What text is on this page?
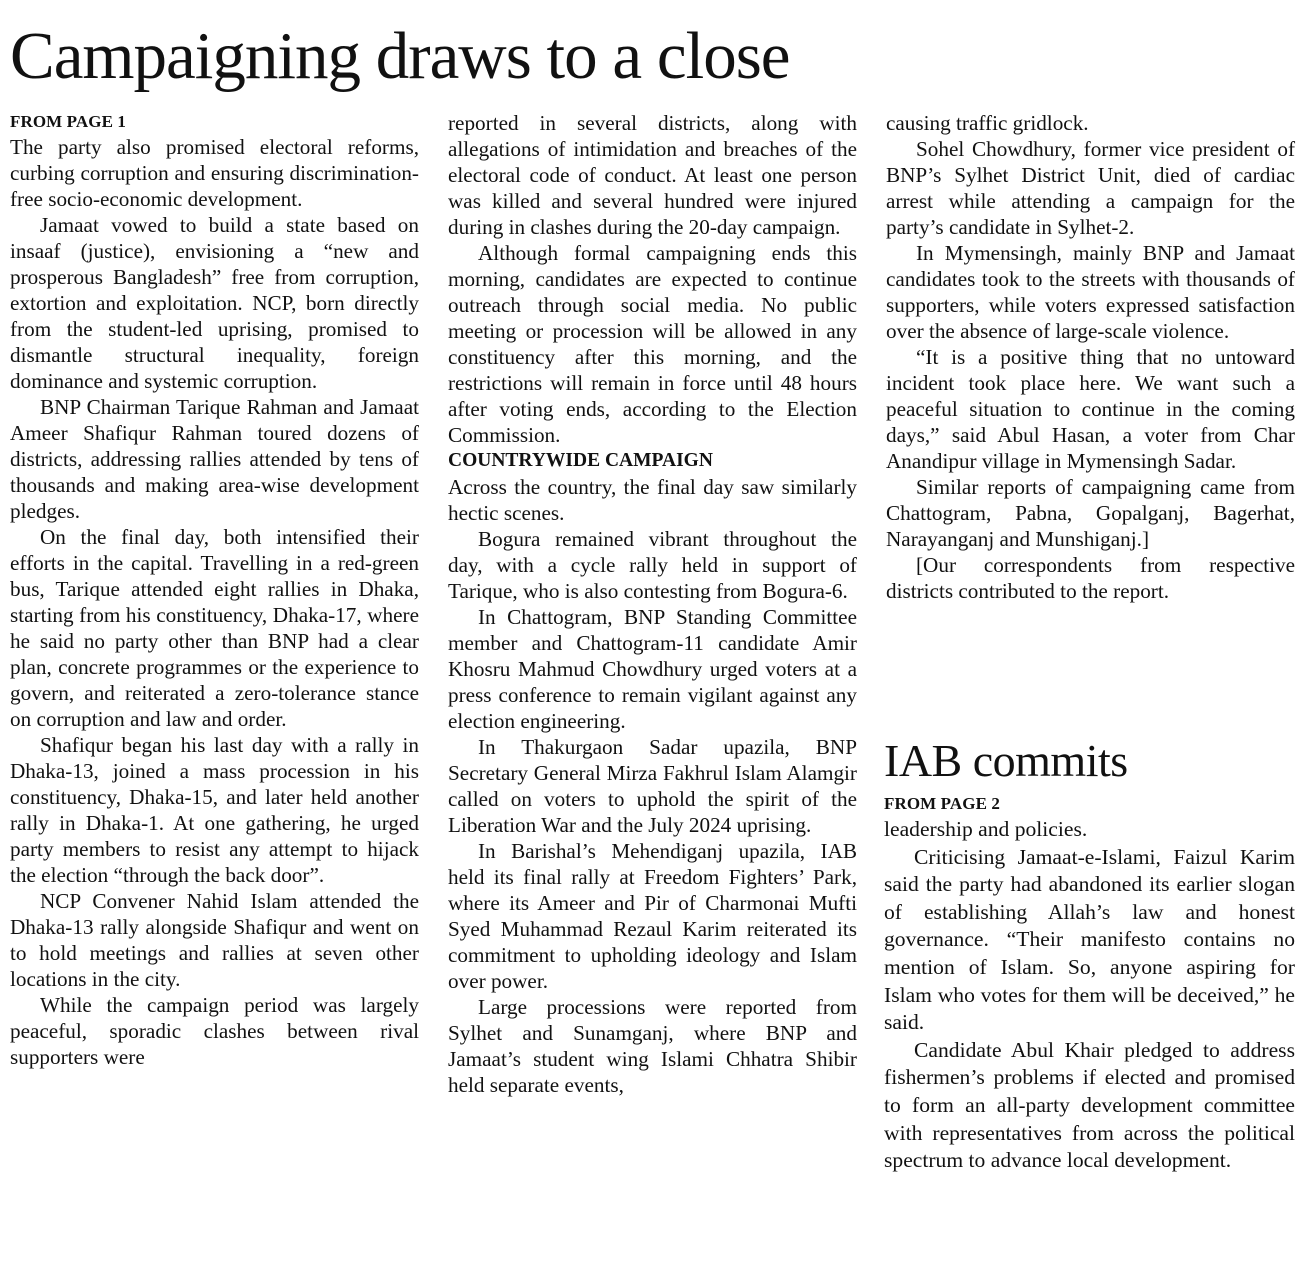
Campaigning draws to a close

FROM PAGE 1

The party also promised electoral reforms, curbing corruption and ensuring discrimination-free socio-economic development.

Jamaat vowed to build a state based on insaaf (justice), envisioning a “new and prosperous Bangladesh” free from corruption, extortion and exploitation. NCP, born directly from the student-led uprising, promised to dismantle structural inequality, foreign dominance and systemic corruption.

BNP Chairman Tarique Rahman and Jamaat Ameer Shafiqur Rahman toured dozens of districts, addressing rallies attended by tens of thousands and making area-wise development pledges.

On the final day, both intensified their efforts in the capital. Travelling in a red-green bus, Tarique attended eight rallies in Dhaka, starting from his constituency, Dhaka-17, where he said no party other than BNP had a clear plan, concrete programmes or the experience to govern, and reiterated a zero-tolerance stance on corruption and law and order.

Shafiqur began his last day with a rally in Dhaka-13, joined a mass procession in his constituency, Dhaka-15, and later held another rally in Dhaka-1. At one gathering, he urged party members to resist any attempt to hijack the election “through the back door”.

NCP Convener Nahid Islam attended the Dhaka-13 rally alongside Shafiqur and went on to hold meetings and rallies at seven other locations in the city.

While the campaign period was largely peaceful, sporadic clashes between rival supporters were

reported in several districts, along with allegations of intimidation and breaches of the electoral code of conduct. At least one person was killed and several hundred were injured during in clashes during the 20-day campaign.

Although formal campaigning ends this morning, candidates are expected to continue outreach through social media. No public meeting or procession will be allowed in any constituency after this morning, and the restrictions will remain in force until 48 hours after voting ends, according to the Election Commission.

COUNTRYWIDE CAMPAIGN

Across the country, the final day saw similarly hectic scenes.

Bogura remained vibrant throughout the day, with a cycle rally held in support of Tarique, who is also contesting from Bogura-6.

In Chattogram, BNP Standing Committee member and Chattogram-11 candidate Amir Khosru Mahmud Chowdhury urged voters at a press conference to remain vigilant against any election engineering.

In Thakurgaon Sadar upazila, BNP Secretary General Mirza Fakhrul Islam Alamgir called on voters to uphold the spirit of the Liberation War and the July 2024 uprising.

In Barishal’s Mehendiganj upazila, IAB held its final rally at Freedom Fighters’ Park, where its Ameer and Pir of Charmonai Mufti Syed Muhammad Rezaul Karim reiterated its commitment to upholding ideology and Islam over power.

Large processions were reported from Sylhet and Sunamganj, where BNP and Jamaat’s student wing Islami Chhatra Shibir held separate events,

causing traffic gridlock.

Sohel Chowdhury, former vice president of BNP’s Sylhet District Unit, died of cardiac arrest while attending a campaign for the party’s candidate in Sylhet-2.

In Mymensingh, mainly BNP and Jamaat candidates took to the streets with thousands of supporters, while voters expressed satisfaction over the absence of large-scale violence.

“It is a positive thing that no untoward incident took place here. We want such a peaceful situation to continue in the coming days,” said Abul Hasan, a voter from Char Anandipur village in Mymensingh Sadar.

Similar reports of campaigning came from Chattogram, Pabna, Gopalganj, Bagerhat, Narayanganj and Munshiganj.]

[Our correspondents from respective districts contributed to the report.

IAB commits

FROM PAGE 2

leadership and policies.

Criticising Jamaat-e-Islami, Faizul Karim said the party had abandoned its earlier slogan of establishing Allah’s law and honest governance. “Their manifesto contains no mention of Islam. So, anyone aspiring for Islam who votes for them will be deceived,” he said.

Candidate Abul Khair pledged to address fishermen’s problems if elected and promised to form an all-party development committee with representatives from across the political spectrum to advance local development.
